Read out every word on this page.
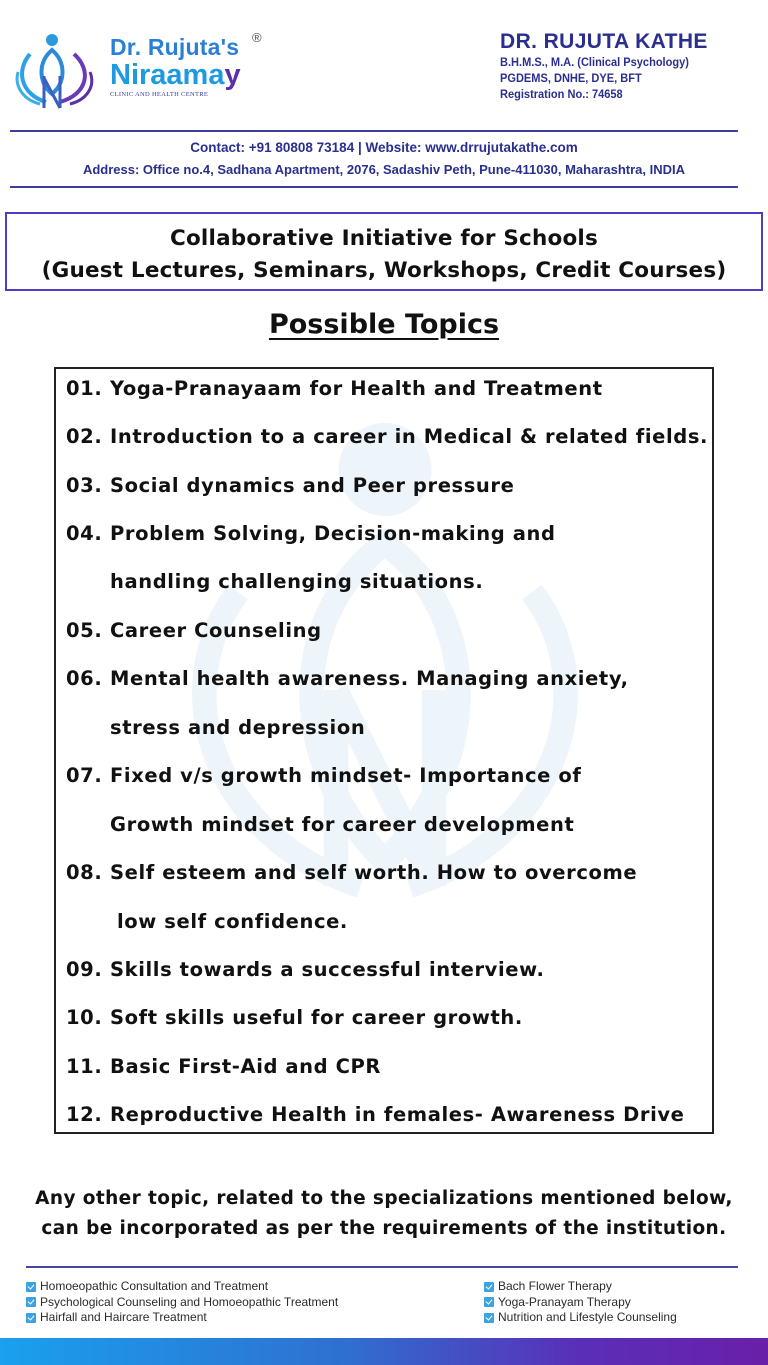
Dr. Rujuta's ®
Niraamay
CLINIC AND HEALTH CENTRE
DR. RUJUTA KATHE
B.H.M.S., M.A. (Clinical Psychology)
PGDEMS, DNHE, DYE, BFT
Registration No.: 74658
Contact: +91 80808 73184 | Website: www.drrujutakathe.com
Address: Office no.4, Sadhana Apartment, 2076, Sadashiv Peth, Pune-411030, Maharashtra, INDIA
Collaborative Initiative for Schools
(Guest Lectures, Seminars, Workshops, Credit Courses)
Possible Topics
01. Yoga-Pranayaam for Health and Treatment
02. Introduction to a career in Medical & related fields.
03. Social dynamics and Peer pressure
04. Problem Solving, Decision-making and
handling challenging situations.
05. Career Counseling
06. Mental health awareness. Managing anxiety,
stress and depression
07. Fixed v/s growth mindset- Importance of
Growth mindset for career development
08. Self esteem and self worth. How to overcome
low self confidence.
09. Skills towards a successful interview.
10. Soft skills useful for career growth.
11. Basic First-Aid and CPR
12. Reproductive Health in females- Awareness Drive
Any other topic, related to the specializations mentioned below,
can be incorporated as per the requirements of the institution.
Homoeopathic Consultation and Treatment
Psychological Counseling and Homoeopathic Treatment
Hairfall and Haircare Treatment
Bach Flower Therapy
Yoga-Pranayam Therapy
Nutrition and Lifestyle Counseling
